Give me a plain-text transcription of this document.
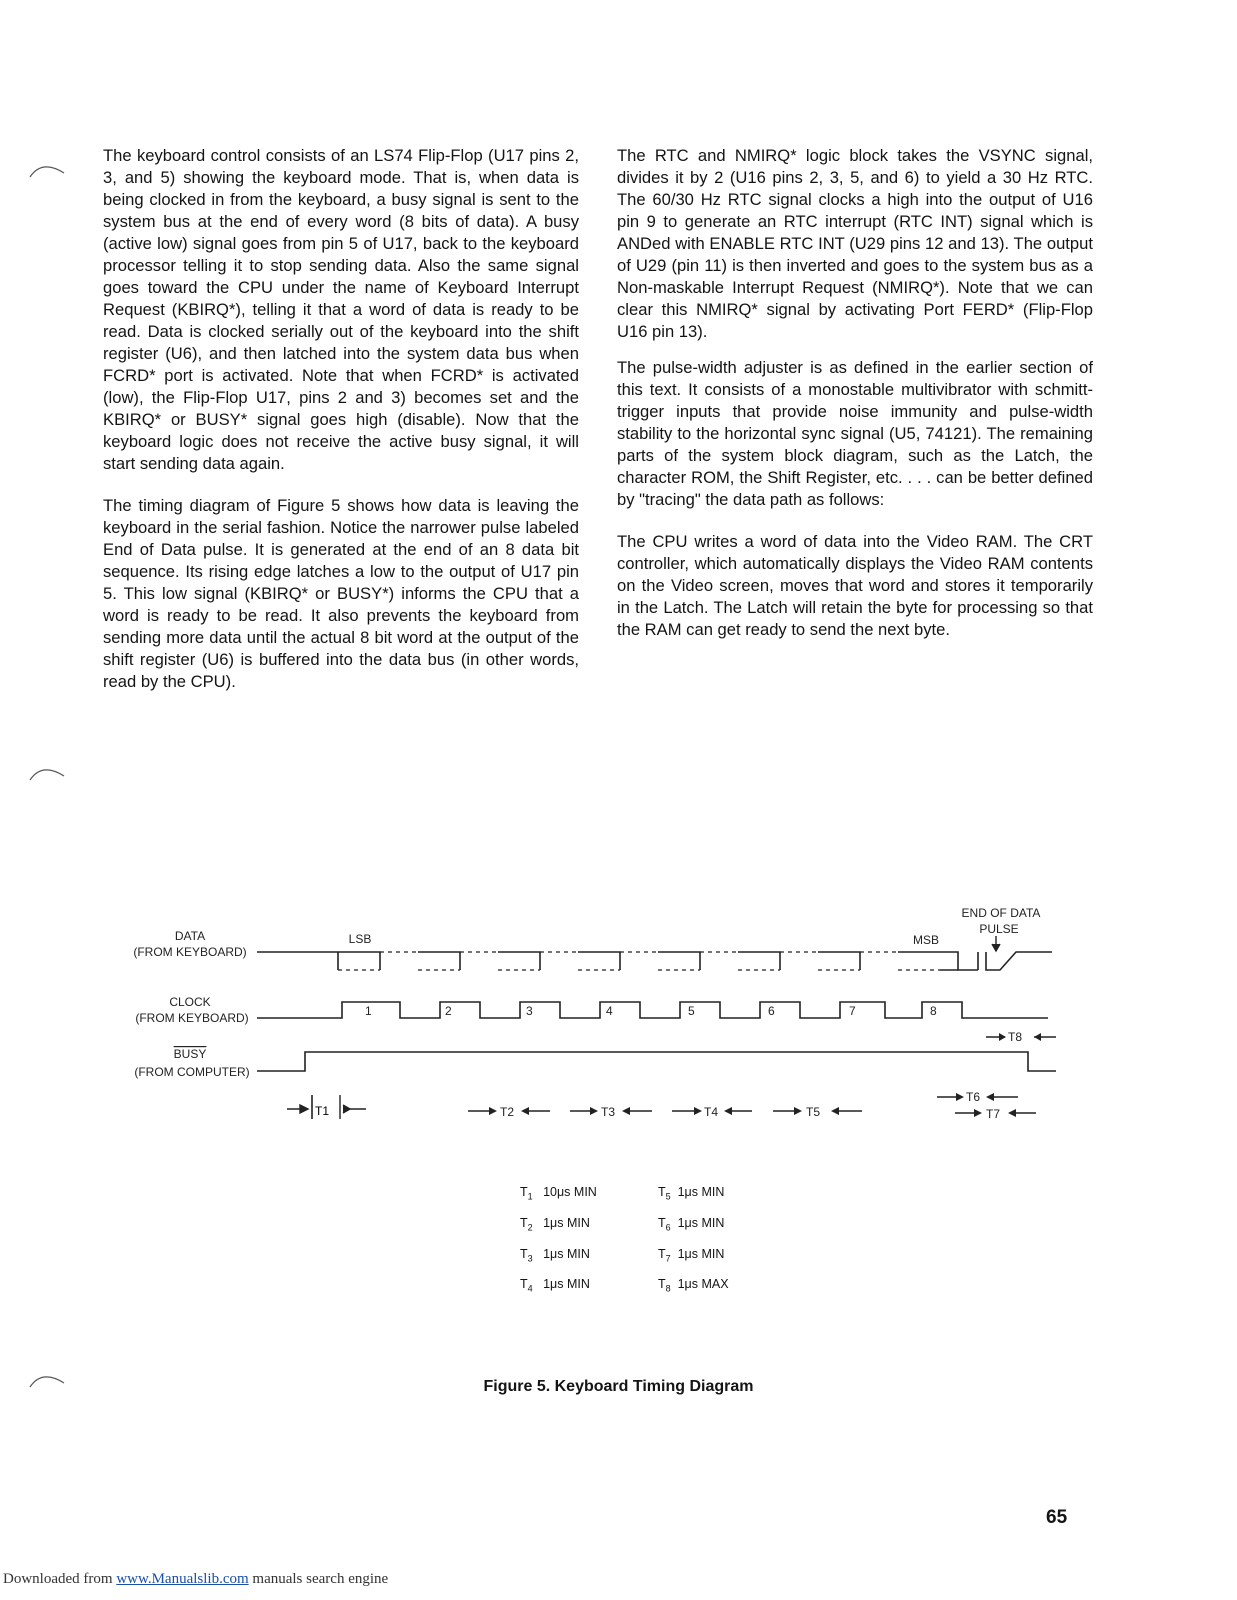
The keyboard control consists of an LS74 Flip-Flop (U17 pins 2, 3, and 5) showing the keyboard mode. That is, when data is being clocked in from the keyboard, a busy signal is sent to the system bus at the end of every word (8 bits of data). A busy (active low) signal goes from pin 5 of U17, back to the keyboard processor telling it to stop sending data. Also the same signal goes toward the CPU under the name of Keyboard Interrupt Request (KBIRQ*), telling it that a word of data is ready to be read. Data is clocked serially out of the keyboard into the shift register (U6), and then latched into the system data bus when FCRD* port is activated. Note that when FCRD* is activated (low), the Flip-Flop U17, pins 2 and 3) becomes set and the KBIRQ* or BUSY* signal goes high (disable). Now that the keyboard logic does not receive the active busy signal, it will start sending data again.

The timing diagram of Figure 5 shows how data is leaving the keyboard in the serial fashion. Notice the narrower pulse labeled End of Data pulse. It is generated at the end of an 8 data bit sequence. Its rising edge latches a low to the output of U17 pin 5. This low signal (KBIRQ* or BUSY*) informs the CPU that a word is ready to be read. It also prevents the keyboard from sending more data until the actual 8 bit word at the output of the shift register (U6) is buffered into the data bus (in other words, read by the CPU).

The RTC and NMIRQ* logic block takes the VSYNC signal, divides it by 2 (U16 pins 2, 3, 5, and 6) to yield a 30 Hz RTC. The 60/30 Hz RTC signal clocks a high into the output of U16 pin 9 to generate an RTC interrupt (RTC INT) signal which is ANDed with ENABLE RTC INT (U29 pins 12 and 13). The output of U29 (pin 11) is then inverted and goes to the system bus as a Non-maskable Interrupt Request (NMIRQ*). Note that we can clear this NMIRQ* signal by activating Port FERD* (Flip-Flop U16 pin 13).

The pulse-width adjuster is as defined in the earlier section of this text. It consists of a monostable multivibrator with schmitt-trigger inputs that provide noise immunity and pulse-width stability to the horizontal sync signal (U5, 74121). The remaining parts of the system block diagram, such as the Latch, the character ROM, the Shift Register, etc. . . . can be better defined by "tracing" the data path as follows:

The CPU writes a word of data into the Video RAM. The CRT controller, which automatically displays the Video RAM contents on the Video screen, moves that word and stores it temporarily in the Latch. The Latch will retain the byte for processing so that the RAM can get ready to send the next byte.

DATA
(FROM KEYBOARD)
CLOCK
(FROM KEYBOARD)
BUSY
(FROM COMPUTER)
LSB	MSB
END OF DATA
PULSE
1	2	3	4	5	6	7	8
T8
T1	T2	T3	T4	T5
T6
T7
$T_1$ 10μs MIN
$T_2$ 1μs MIN
$T_3$ 1μs MIN
$T_4$ 1μs MIN
$T_5$ 1μs MIN
$T_6$ 1μs MIN
$T_7$ 1μs MIN
$T_8$ 1μs MAX
Figure 5. Keyboard Timing Diagram
65
Downloaded from www.Manualslib.com manuals search engine
